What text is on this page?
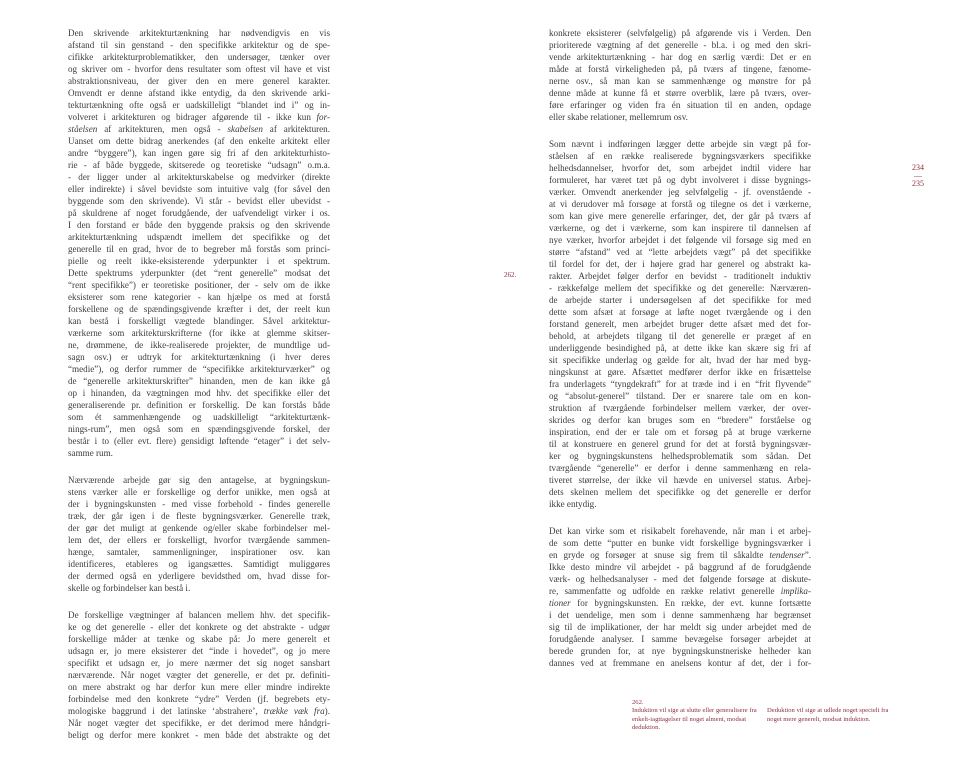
Den skrivende arkitekturtænkning har nødvendigvis en vis
afstand til sin genstand - den specifikke arkitektur og de spe-
cifikke arkitekturproblematikker, den undersøger, tænker over
og skriver om - hvorfor dens resultater som oftest vil have et vist
abstraktionsniveau, der giver den en mere generel karakter.
Omvendt er denne afstand ikke entydig, da den skrivende arki-
tekturtænkning ofte også er uadskilleligt “blandet ind i” og in-
volveret i arkitekturen og bidrager afgørende til - ikke kun for-
ståelsen af arkitekturen, men også - skabelsen af arkitekturen.
Uanset om dette bidrag anerkendes (af den enkelte arkitekt eller
andre “byggere”), kan ingen gøre sig fri af den arkitekturhisto-
rie - af både byggede, skitserede og teoretiske “udsagn” o.m.a.
- der ligger under al arkitekturskabelse og medvirker (direkte
eller indirekte) i såvel bevidste som intuitive valg (for såvel den
byggende som den skrivende). Vi står - bevidst eller ubevidst -
på skuldrene af noget forudgående, der uafvendeligt virker i os.
I den forstand er både den byggende praksis og den skrivende
arkitekturtænkning udspændt imellem det specifikke og det
generelle til en grad, hvor de to begreber må forstås som princi-
pielle og reelt ikke-eksisterende yderpunkter i et spektrum.
Dette spektrums yderpunkter (det “rent generelle” modsat det
“rent specifikke”) er teoretiske positioner, der - selv om de ikke
eksisterer som rene kategorier - kan hjælpe os med at forstå
forskellene og de spændingsgivende kræfter i det, der reelt kun
kan bestå i forskelligt vægtede blandinger. Såvel arkitektur-
værkerne som arkitekturskrifterne (for ikke at glemme skitser-
ne, drømmene, de ikke-realiserede projekter, de mundtlige ud-
sagn osv.) er udtryk for arkitekturtænkning (i hver deres
“medie”), og derfor rummer de “specifikke arkitekturværker” og
de “generelle arkitekturskrifter” hinanden, men de kan ikke gå
op i hinanden, da vægtningen mod hhv. det specifikke eller det
generaliserende pr. definition er forskellig. De kan forstås både
som ét sammenhængende og uadskilleligt “arkitekturtænk-
nings-rum”, men også som en spændingsgivende forskel, der
består i to (eller evt. flere) gensidigt løftende “etager” i det selv-
samme rum.
Nærværende arbejde gør sig den antagelse, at bygningskun-
stens værker alle er forskellige og derfor unikke, men også at
der i bygningskunsten - med visse forbehold - findes generelle
træk, der går igen i de fleste bygningsværker. Generelle træk,
der gør det muligt at genkende og/eller skabe forbindelser mel-
lem det, der ellers er forskelligt, hvorfor tværgående sammen-
hænge, samtaler, sammenligninger, inspirationer osv. kan
identificeres, etableres og igangsættes. Samtidigt muliggøres
der dermed også en yderligere bevidsthed om, hvad disse for-
skelle og forbindelser kan bestå i.
De forskellige vægtninger af balancen mellem hhv. det specifik-
ke og det generelle - eller det konkrete og det abstrakte - udgør
forskellige måder at tænke og skabe på: Jo mere generelt et
udsagn er, jo mere eksisterer det “inde i hovedet”, og jo mere
specifikt et udsagn er, jo mere nærmer det sig noget sansbart
nærværende. Når noget vægter det generelle, er det pr. definiti-
on mere abstrakt og har derfor kun mere eller mindre indirekte
forbindelse med den konkrete “ydre” Verden (jf. begrebets ety-
mologiske baggrund i det latinske ‘abstrahere’, trække væk fra).
Når noget vægter det specifikke, er det derimod mere håndgri-
beligt og derfor mere konkret - men både det abstrakte og det
konkrete eksisterer (selvfølgelig) på afgørende vis i Verden. Den
prioriterede vægtning af det generelle - bl.a. i og med den skri-
vende arkitekturtænkning - har dog en særlig værdi: Det er en
måde at forstå virkeligheden på, på tværs af tingene, fænome-
nerne osv., så man kan se sammenhænge og mønstre for på
denne måde at kunne få et større overblik, lære på tværs, over-
føre erfaringer og viden fra én situation til en anden, opdage
eller skabe relationer, mellemrum osv.
Som nævnt i indføringen lægger dette arbejde sin vægt på for-
ståelsen af en række realiserede bygningsværkers specifikke
helhedsdannelser, hvorfor det, som arbejdet indtil videre har
formuleret, har været tæt på og dybt involveret i disse bygnings-
værker. Omvendt anerkender jeg selvfølgelig - jf. ovenstående -
at vi derudover må forsøge at forstå og tilegne os det i værkerne,
som kan give mere generelle erfaringer, det, der går på tværs af
værkerne, og det i værkerne, som kan inspirere til dannelsen af
nye værker, hvorfor arbejdet i det følgende vil forsøge sig med en
større “afstand” ved at “lette arbejdets vægt” på det specifikke
til fordel for det, der i højere grad har generel og abstrakt ka-
rakter. Arbejdet følger derfor en bevidst - traditionelt induktiv
- rækkefølge mellem det specifikke og det generelle: Nærværen-
de arbejde starter i undersøgelsen af det specifikke for med
dette som afsæt at forsøge at løfte noget tværgående og i den
forstand generelt, men arbejdet bruger dette afsæt med det for-
behold, at arbejdets tilgang til det generelle er præget af en
underliggende besindighed på, at dette ikke kan skære sig fri af
sit specifikke underlag og gælde for alt, hvad der har med byg-
ningskunst at gøre. Afsættet medfører derfor ikke en frisættelse
fra underlagets “tyngdekraft” for at træde ind i en “frit flyvende”
og “absolut-generel” tilstand. Der er snarere tale om en kon-
struktion af tværgående forbindelser mellem værker, der over-
skrides og derfor kan bruges som en “bredere” forståelse og
inspiration, end der er tale om et forsøg på at bruge værkerne
til at konstruere en generel grund for det at forstå bygningsvær-
ker og bygningskunstens helhedsproblematik som sådan. Det
tværgående “generelle” er derfor i denne sammenhæng en rela-
tiveret størrelse, der ikke vil hævde en universel status. Arbej-
dets skelnen mellem det specifikke og det generelle er derfor
ikke entydig.
Det kan virke som et risikabelt forehavende, når man i et arbej-
de som dette “putter en bunke vidt forskellige bygningsværker i
en gryde og forsøger at snuse sig frem til såkaldte tendenser”.
Ikke desto mindre vil arbejdet - på baggrund af de forudgående
værk- og helhedsanalyser - med det følgende forsøge at diskute-
re, sammenfatte og udfolde en række relativt generelle implika-
tioner for bygningskunsten. En række, der evt. kunne fortsætte
i det uendelige, men som i denne sammenhæng har begrænset
sig til de implikationer, der har meldt sig under arbejdet med de
forudgående analyser. I samme bevægelse forsøger arbejdet at
berede grunden for, at nye bygningskunstneriske helheder kan
dannes ved at fremmane en anelsens kontur af det, der i for-
262.
234
—
235
262.
Induktion vil sige at slutte eller generalisere fra enkelt-iagttagelser til noget alment, modsat deduktion.
Deduktion vil sige at udlede noget specielt fra noget mere generelt, modsat induktion.
